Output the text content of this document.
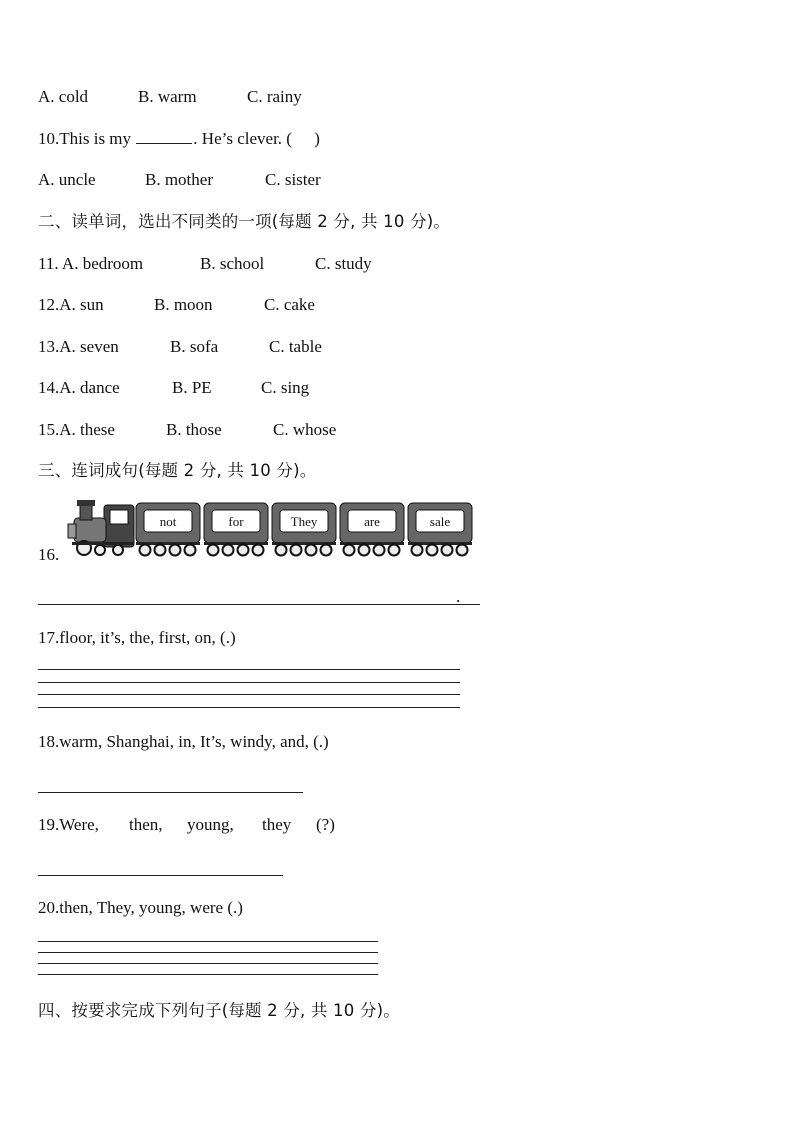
A. cold	B. warm	C. rainy
10.This is my	. He’s clever. ( )
A. uncle	B. mother	C. sister
二、读单词，选出不同类的一项(每题 2 分, 共 10 分)。
11. A. bedroom	B. school	C. study
12.A. sun	B. moon	C. cake
13.A. seven	B. sofa	C. table
14.A. dance	B. PE	C. sing
15.A. these	B. those	C. whose
三、连词成句(每题 2 分, 共 10 分)。
16.
not	for	They	are	sale
.
17.floor, it’s, the, first, on, (.)
18.warm, Shanghai, in, It’s, windy, and, (.)
19.Were, then, young, they (?)
20.then, They, young, were (.)
四、按要求完成下列句子(每题 2 分, 共 10 分)。
